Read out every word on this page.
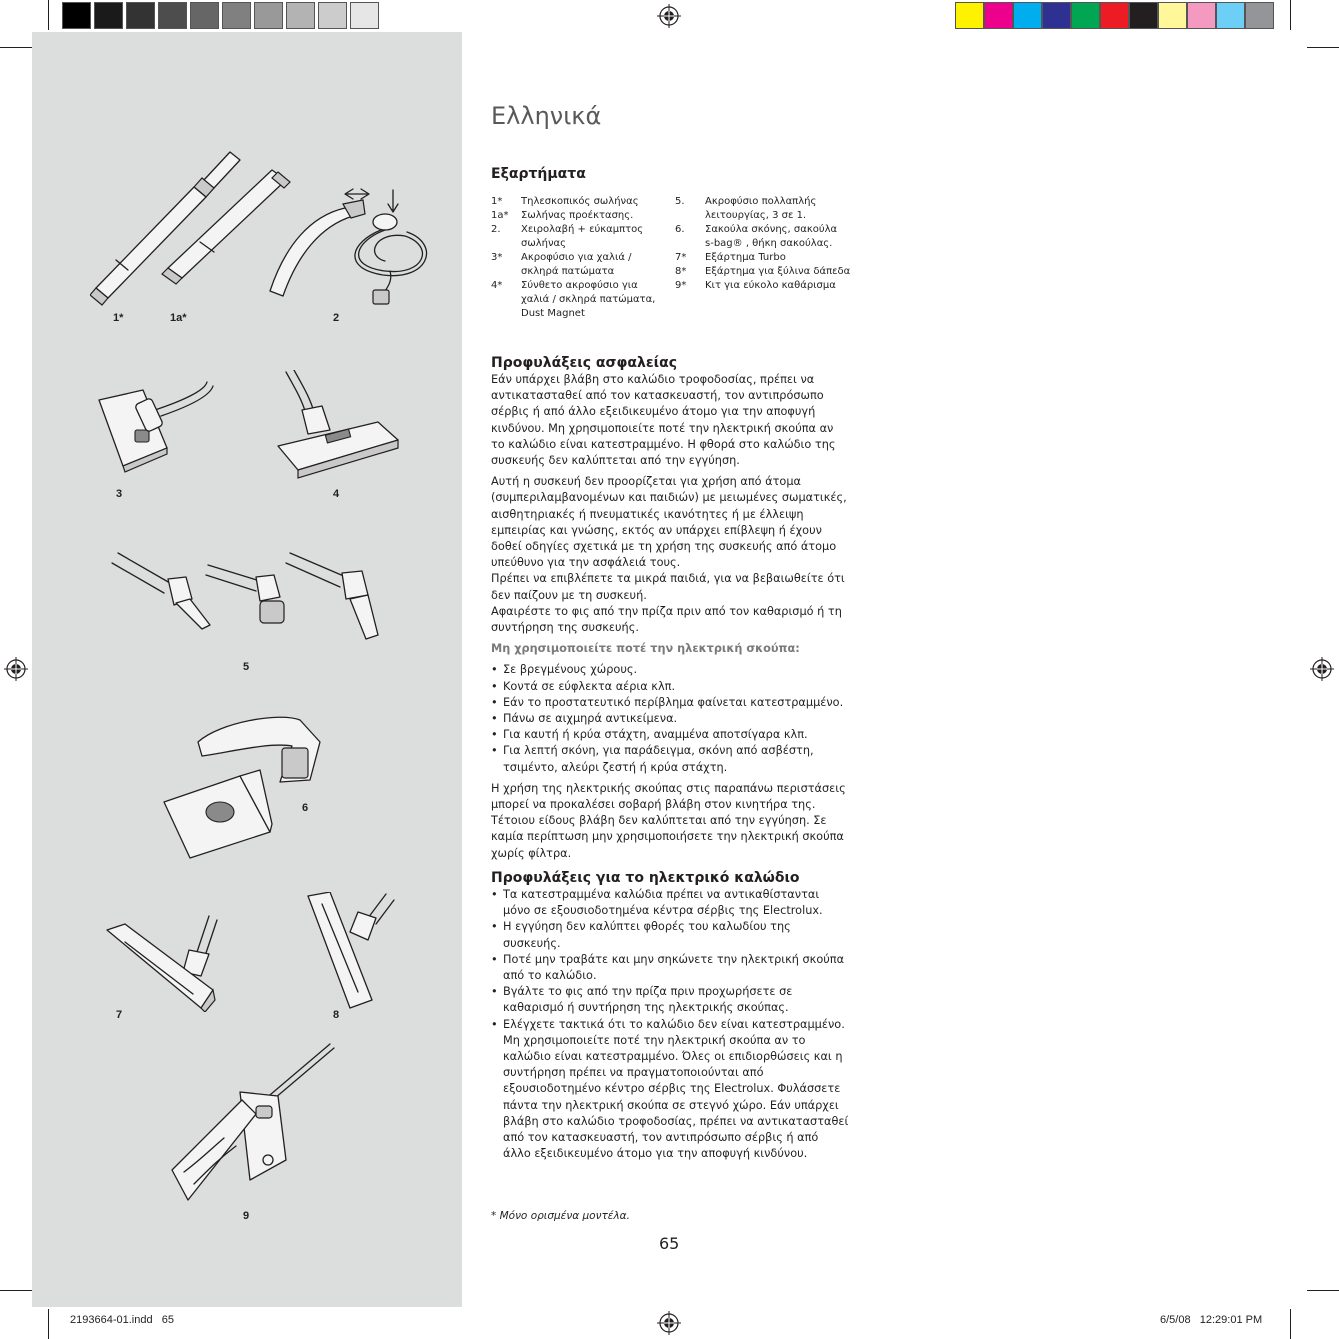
1*	1a*	2
3	4
5
6
7	8
9
Ελληνικά
Εξαρτήματα
1*	Τηλεσκοπικός σωλήνας
1a*	Σωλήνας προέκτασης.
2.	Χειρολαβή + εύκαμπτος
σωλήνας
3*	Ακροφύσιο για χαλιά /
σκληρά πατώματα
4*	Σύνθετο ακροφύσιο για
χαλιά / σκληρά πατώματα,
Dust Magnet
5.	Ακροφύσιο πολλαπλής
λειτουργίας, 3 σε 1.
6.	Σακούλα σκόνης, σακούλα
s-bag® , θήκη σακούλας.
7*	Εξάρτημα Turbo
8*	Εξάρτημα για ξύλινα δάπεδα
9*	Κιτ για εύκολο καθάρισμα
Προφυλάξεις ασφαλείας

Εάν υπάρχει βλάβη στο καλώδιο τροφοδοσίας, πρέπει να αντικατασταθεί από τον κατασκευαστή, τον αντιπρόσωπο σέρβις ή από άλλο εξειδικευμένο άτομο για την αποφυγή κινδύνου. Μη χρησιμοποιείτε ποτέ την ηλεκτρική σκούπα αν το καλώδιο είναι κατεστραμμένο. Η φθορά στο καλώδιο της συσκευής δεν καλύπτεται από την εγγύηση.

Αυτή η συσκευή δεν προορίζεται για χρήση από άτομα (συμπεριλαμβανομένων και παιδιών) με μειωμένες σωματικές, αισθητηριακές ή πνευματικές ικανότητες ή με έλλειψη εμπειρίας και γνώσης, εκτός αν υπάρχει επίβλεψη ή έχουν δοθεί οδηγίες σχετικά με τη χρήση της συσκευής από άτομο υπεύθυνο για την ασφάλειά τους.

Πρέπει να επιβλέπετε τα μικρά παιδιά, για να βεβαιωθείτε ότι δεν παίζουν με τη συσκευή.

Αφαιρέστε το φις από την πρίζα πριν από τον καθαρισμό ή τη συντήρηση της συσκευής.

Μη χρησιμοποιείτε ποτέ την ηλεκτρική σκούπα:

• Σε βρεγμένους χώρους.
• Κοντά σε εύφλεκτα αέρια κλπ.
• Εάν το προστατευτικό περίβλημα φαίνεται κατεστραμμένο.
• Πάνω σε αιχμηρά αντικείμενα.
• Για καυτή ή κρύα στάχτη, αναμμένα αποτσίγαρα κλπ.
• Για λεπτή σκόνη, για παράδειγμα, σκόνη από ασβέστη, τσιμέντο, αλεύρι ζεστή ή κρύα στάχτη.

Η χρήση της ηλεκτρικής σκούπας στις παραπάνω περιστάσεις μπορεί να προκαλέσει σοβαρή βλάβη στον κινητήρα της. Τέτοιου είδους βλάβη δεν καλύπτεται από την εγγύηση. Σε καμία περίπτωση μην χρησιμοποιήσετε την ηλεκτρική σκούπα χωρίς φίλτρα.

Προφυλάξεις για το ηλεκτρικό καλώδιο
• Τα κατεστραμμένα καλώδια πρέπει να αντικαθίστανται μόνο σε εξουσιοδοτημένα κέντρα σέρβις της Electrolux.
• Η εγγύηση δεν καλύπτει φθορές του καλωδίου της συσκευής.
• Ποτέ μην τραβάτε και μην σηκώνετε την ηλεκτρική σκούπα από το καλώδιο.
• Βγάλτε το φις από την πρίζα πριν προχωρήσετε σε καθαρισμό ή συντήρηση της ηλεκτρικής σκούπας.
• Ελέγχετε τακτικά ότι το καλώδιο δεν είναι κατεστραμμένο. Μη χρησιμοποιείτε ποτέ την ηλεκτρική σκούπα αν το καλώδιο είναι κατεστραμμένο. Όλες οι επιδιορθώσεις και η συντήρηση πρέπει να πραγματοποιούνται από εξουσιοδοτημένο κέντρο σέρβις της Electrolux. Φυλάσσετε πάντα την ηλεκτρική σκούπα σε στεγνό χώρο. Εάν υπάρχει βλάβη στο καλώδιο τροφοδοσίας, πρέπει να αντικατασταθεί από τον κατασκευαστή, τον αντιπρόσωπο σέρβις ή από άλλο εξειδικευμένο άτομο για την αποφυγή κινδύνου.
* Μόνο ορισμένα μοντέλα.
65
2193664-01.indd   65	6/5/08   12:29:01 PM
